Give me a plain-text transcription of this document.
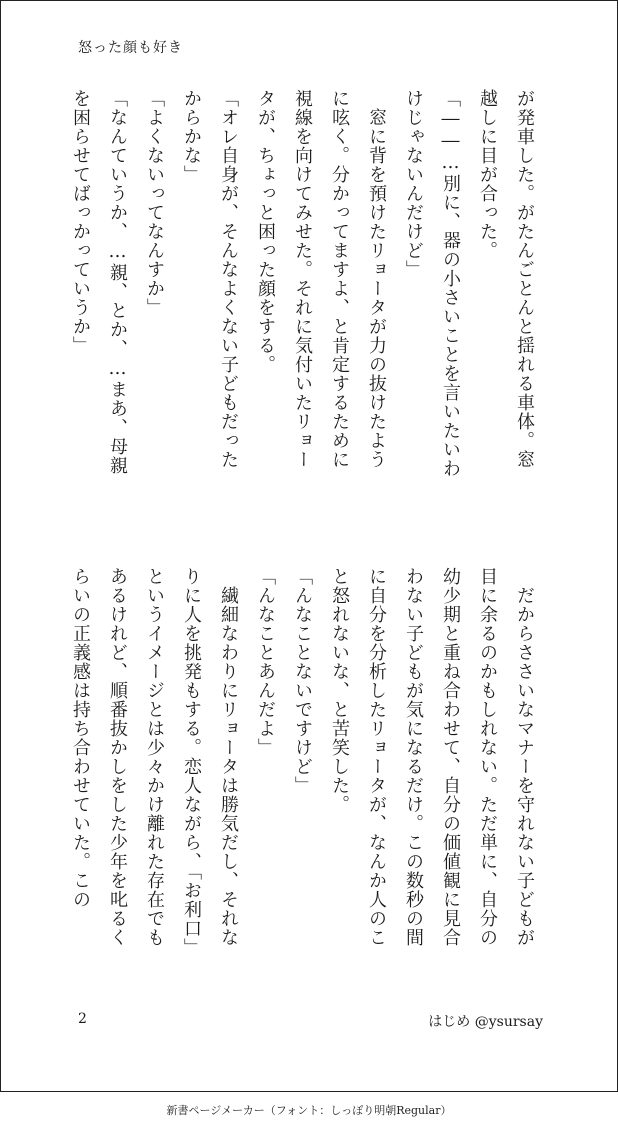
怒った顔も好き
が発車した。がたんごとんと揺れる車体。窓
越しに目が合った。
「――…別に、器の小さいことを言いたいわ
けじゃないんだけど」
　窓に背を預けたリョータが力の抜けたよう
に呟く。分かってますよ、と肯定するために
視線を向けてみせた。それに気付いたリョー
タが、ちょっと困った顔をする。
「オレ自身が、そんなよくない子どもだった
からかな」
「よくないってなんすか」
「なんていうか、…親、とか、…まあ、母親
を困らせてばっかっていうか」
　だからささいなマナーを守れない子どもが
目に余るのかもしれない。ただ単に、自分の
幼少期と重ね合わせて、自分の価値観に見合
わない子どもが気になるだけ。この数秒の間
に自分を分析したリョータが、なんか人のこ
と怒れないな、と苦笑した。
「んなことないですけど」
「んなことあんだよ」
　繊細なわりにリョータは勝気だし、それな
りに人を挑発もする。恋人ながら、「お利口」
というイメージとは少々かけ離れた存在でも
あるけれど、順番抜かしをした少年を叱るく
らいの正義感は持ち合わせていた。この
2	はじめ @ysursay
新書ページメーカー（フォント：しっぽり明朝Regular）
